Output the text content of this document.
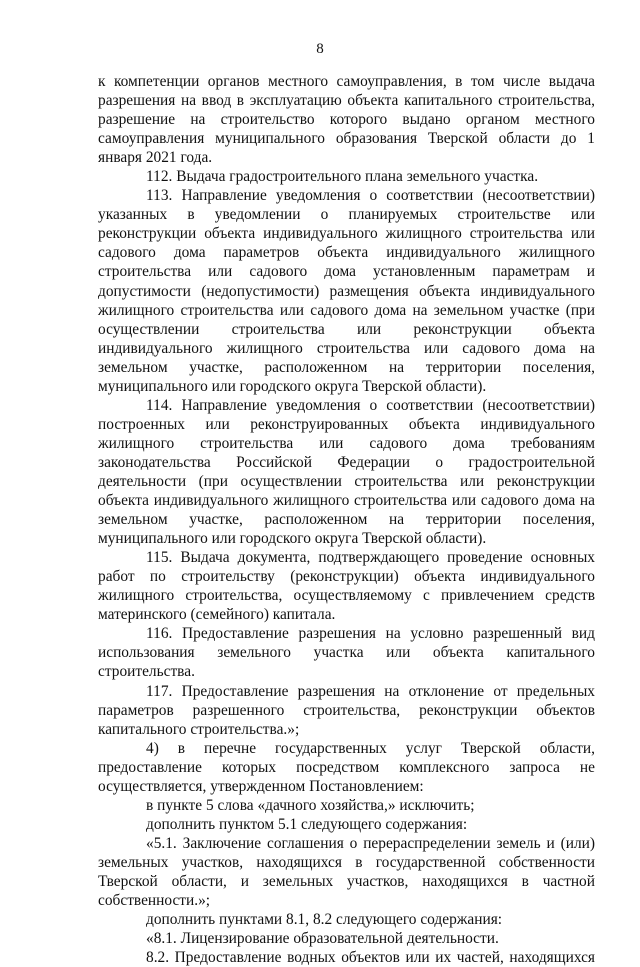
8

к компетенции органов местного самоуправления, в том числе выдача разрешения на ввод в эксплуатацию объекта капитального строительства, разрешение на строительство которого выдано органом местного самоуправления муниципального образования Тверской области до 1 января 2021 года.

112. Выдача градостроительного плана земельного участка.

113. Направление уведомления о соответствии (несоответствии) указанных в уведомлении о планируемых строительстве или реконструкции объекта индивидуального жилищного строительства или садового дома параметров объекта индивидуального жилищного строительства или садового дома установленным параметрам и допустимости (недопустимости) размещения объекта индивидуального жилищного строительства или садового дома на земельном участке (при осуществлении строительства или реконструкции объекта индивидуального жилищного строительства или садового дома на земельном участке, расположенном на территории поселения, муниципального или городского округа Тверской области).

114. Направление уведомления о соответствии (несоответствии) построенных или реконструированных объекта индивидуального жилищного строительства или садового дома требованиям законодательства Российской Федерации о градостроительной деятельности (при осуществлении строительства или реконструкции объекта индивидуального жилищного строительства или садового дома на земельном участке, расположенном на территории поселения, муниципального или городского округа Тверской области).

115. Выдача документа, подтверждающего проведение основных работ по строительству (реконструкции) объекта индивидуального жилищного строительства, осуществляемому с привлечением средств материнского (семейного) капитала.

116. Предоставление разрешения на условно разрешенный вид использования земельного участка или объекта капитального строительства.

117. Предоставление разрешения на отклонение от предельных параметров разрешенного строительства, реконструкции объектов капитального строительства.»;

4) в перечне государственных услуг Тверской области, предоставление которых посредством комплексного запроса не осуществляется, утвержденном Постановлением:

в пункте 5 слова «дачного хозяйства,» исключить;

дополнить пунктом 5.1 следующего содержания:

«5.1. Заключение соглашения о перераспределении земель и (или) земельных участков, находящихся в государственной собственности Тверской области, и земельных участков, находящихся в частной собственности.»;

дополнить пунктами 8.1, 8.2 следующего содержания:

«8.1. Лицензирование образовательной деятельности.

8.2. Предоставление водных объектов или их частей, находящихся
